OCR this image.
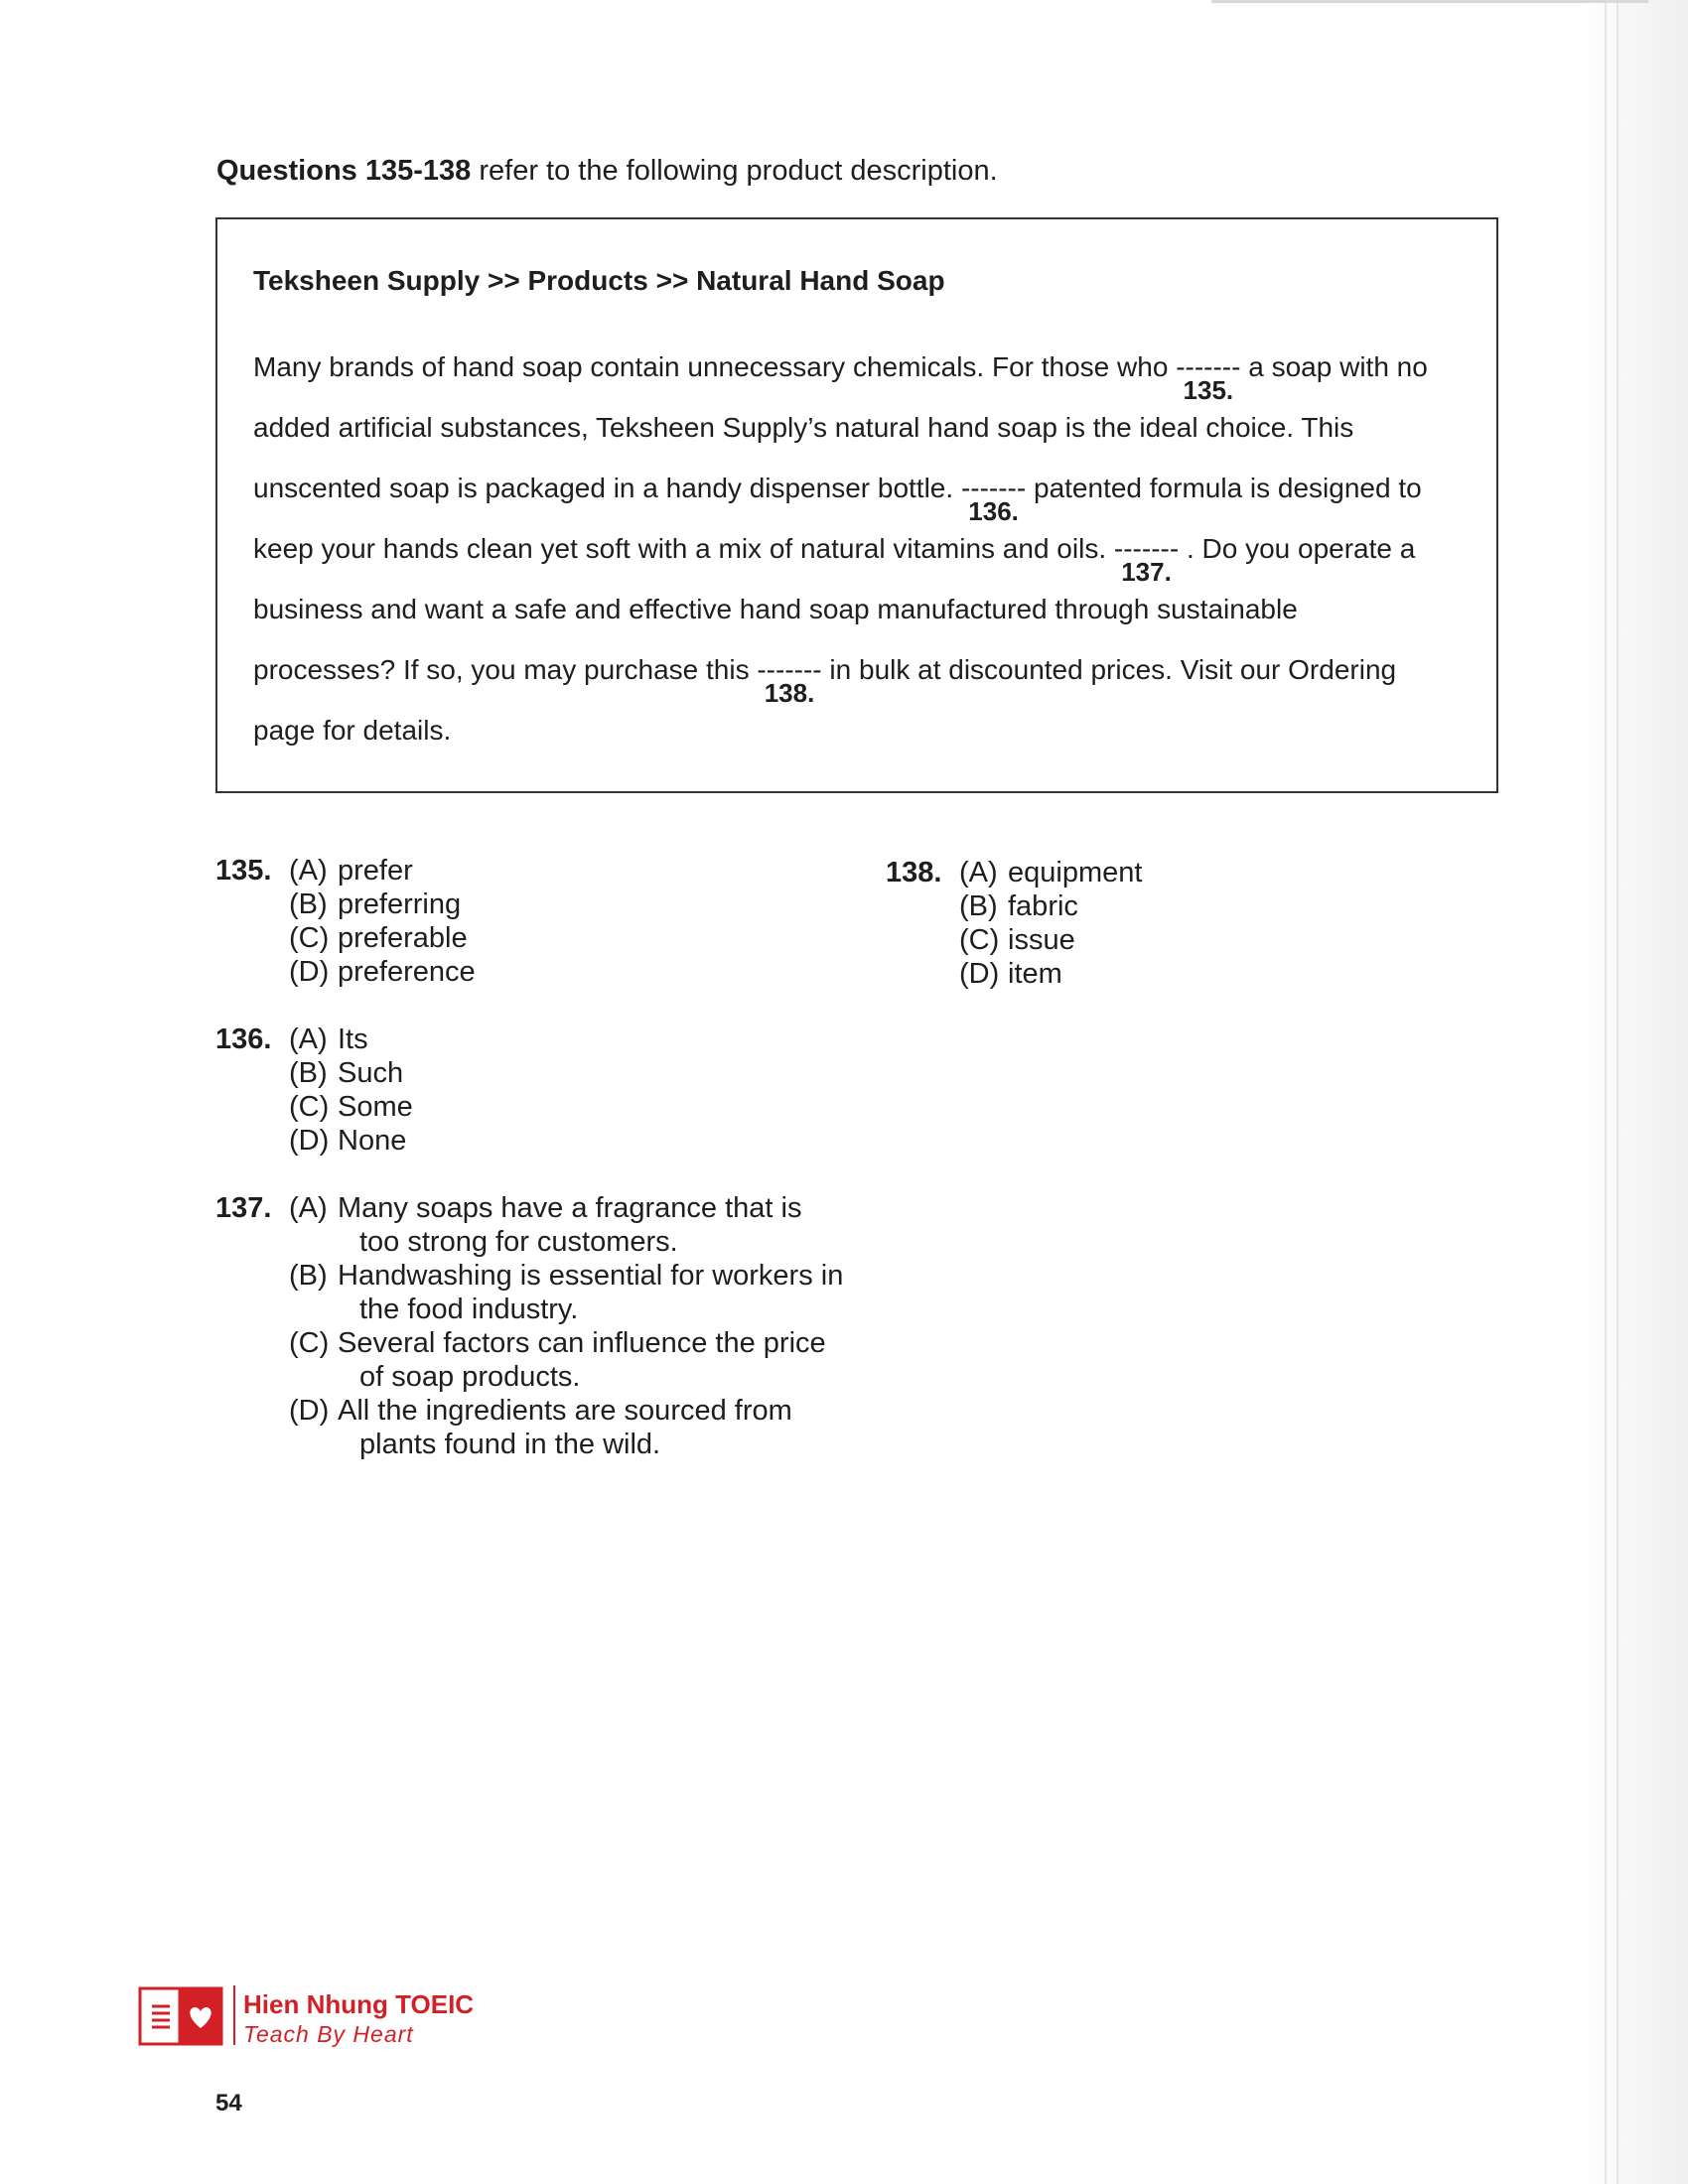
Questions 135-138 refer to the following product description.
Teksheen Supply >> Products >> Natural Hand Soap
Many brands of hand soap contain unnecessary chemicals. For those who -------
135.
a soap with no
added artificial substances, Teksheen Supply’s natural hand soap is the ideal choice. This
unscented soap is packaged in a handy dispenser bottle. -------
136.
patented formula is designed to
keep your hands clean yet soft with a mix of natural vitamins and oils. -------
137.
. Do you operate a
business and want a safe and effective hand soap manufactured through sustainable
processes? If so, you may purchase this -------
138.
in bulk at discounted prices. Visit our Ordering
page for details.
135. (A) prefer
(B) preferring
(C) preferable
(D) preference
136. (A) Its
(B) Such
(C) Some
(D) None
137. (A) Many soaps have a fragrance that is
too strong for customers.
(B) Handwashing is essential for workers in
the food industry.
(C) Several factors can influence the price
of soap products.
(D) All the ingredients are sourced from
plants found in the wild.
138. (A) equipment
(B) fabric
(C) issue
(D) item
Hien Nhung TOEIC
Teach By Heart
54
